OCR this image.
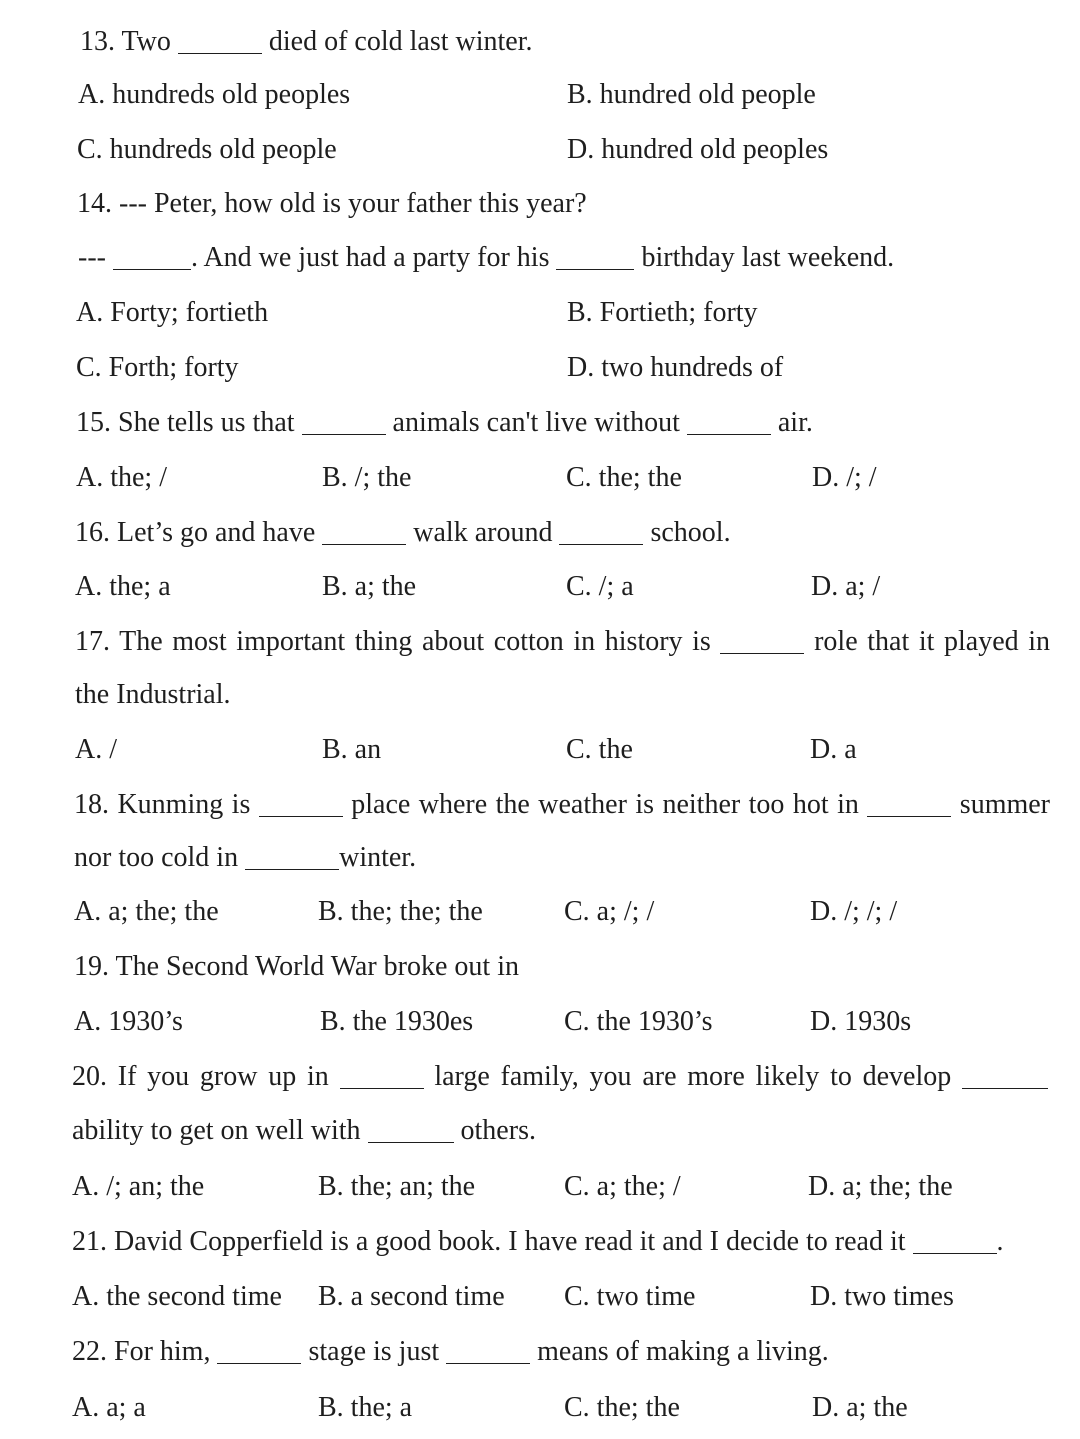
13. Two	died of cold last winter.
A. hundreds old peoples	B. hundred old people
C. hundreds old people	D. hundred old peoples
14. --- Peter, how old is your father this year?
---	. And we just had a party for his	birthday last weekend.
A. Forty; fortieth	B. Fortieth; forty
C. Forth; forty	D. two hundreds of
15. She tells us that	animals can't live without	air.
A. the; /	B. /; the	C. the; the	D. /; /
16. Let’s go and have	walk around	school.
A. the; a	B. a; the	C. /; a	D. a; /
17. The most important thing about cotton in history is	role that it played in
the Industrial.
A. /	B. an	C. the	D. a
18. Kunming is	place where the weather is neither too hot in	summer
nor too cold in	winter.
A. a; the; the	B. the; the; the	C. a; /; /	D. /; /; /
19. The Second World War broke out in
A. 1930’s	B. the 1930es	C. the 1930’s	D. 1930s
20. If you grow up in	large family, you are more likely to develop
ability to get on well with	others.
A. /; an; the	B. the; an; the	C. a; the; /	D. a; the; the
21. David Copperfield is a good book. I have read it and I decide to read it	.
A. the second time B. a second time C. two time	D. two times
22. For him,	stage is just	means of making a living.
A. a; a	B. the; a	C. the; the	D. a; the
